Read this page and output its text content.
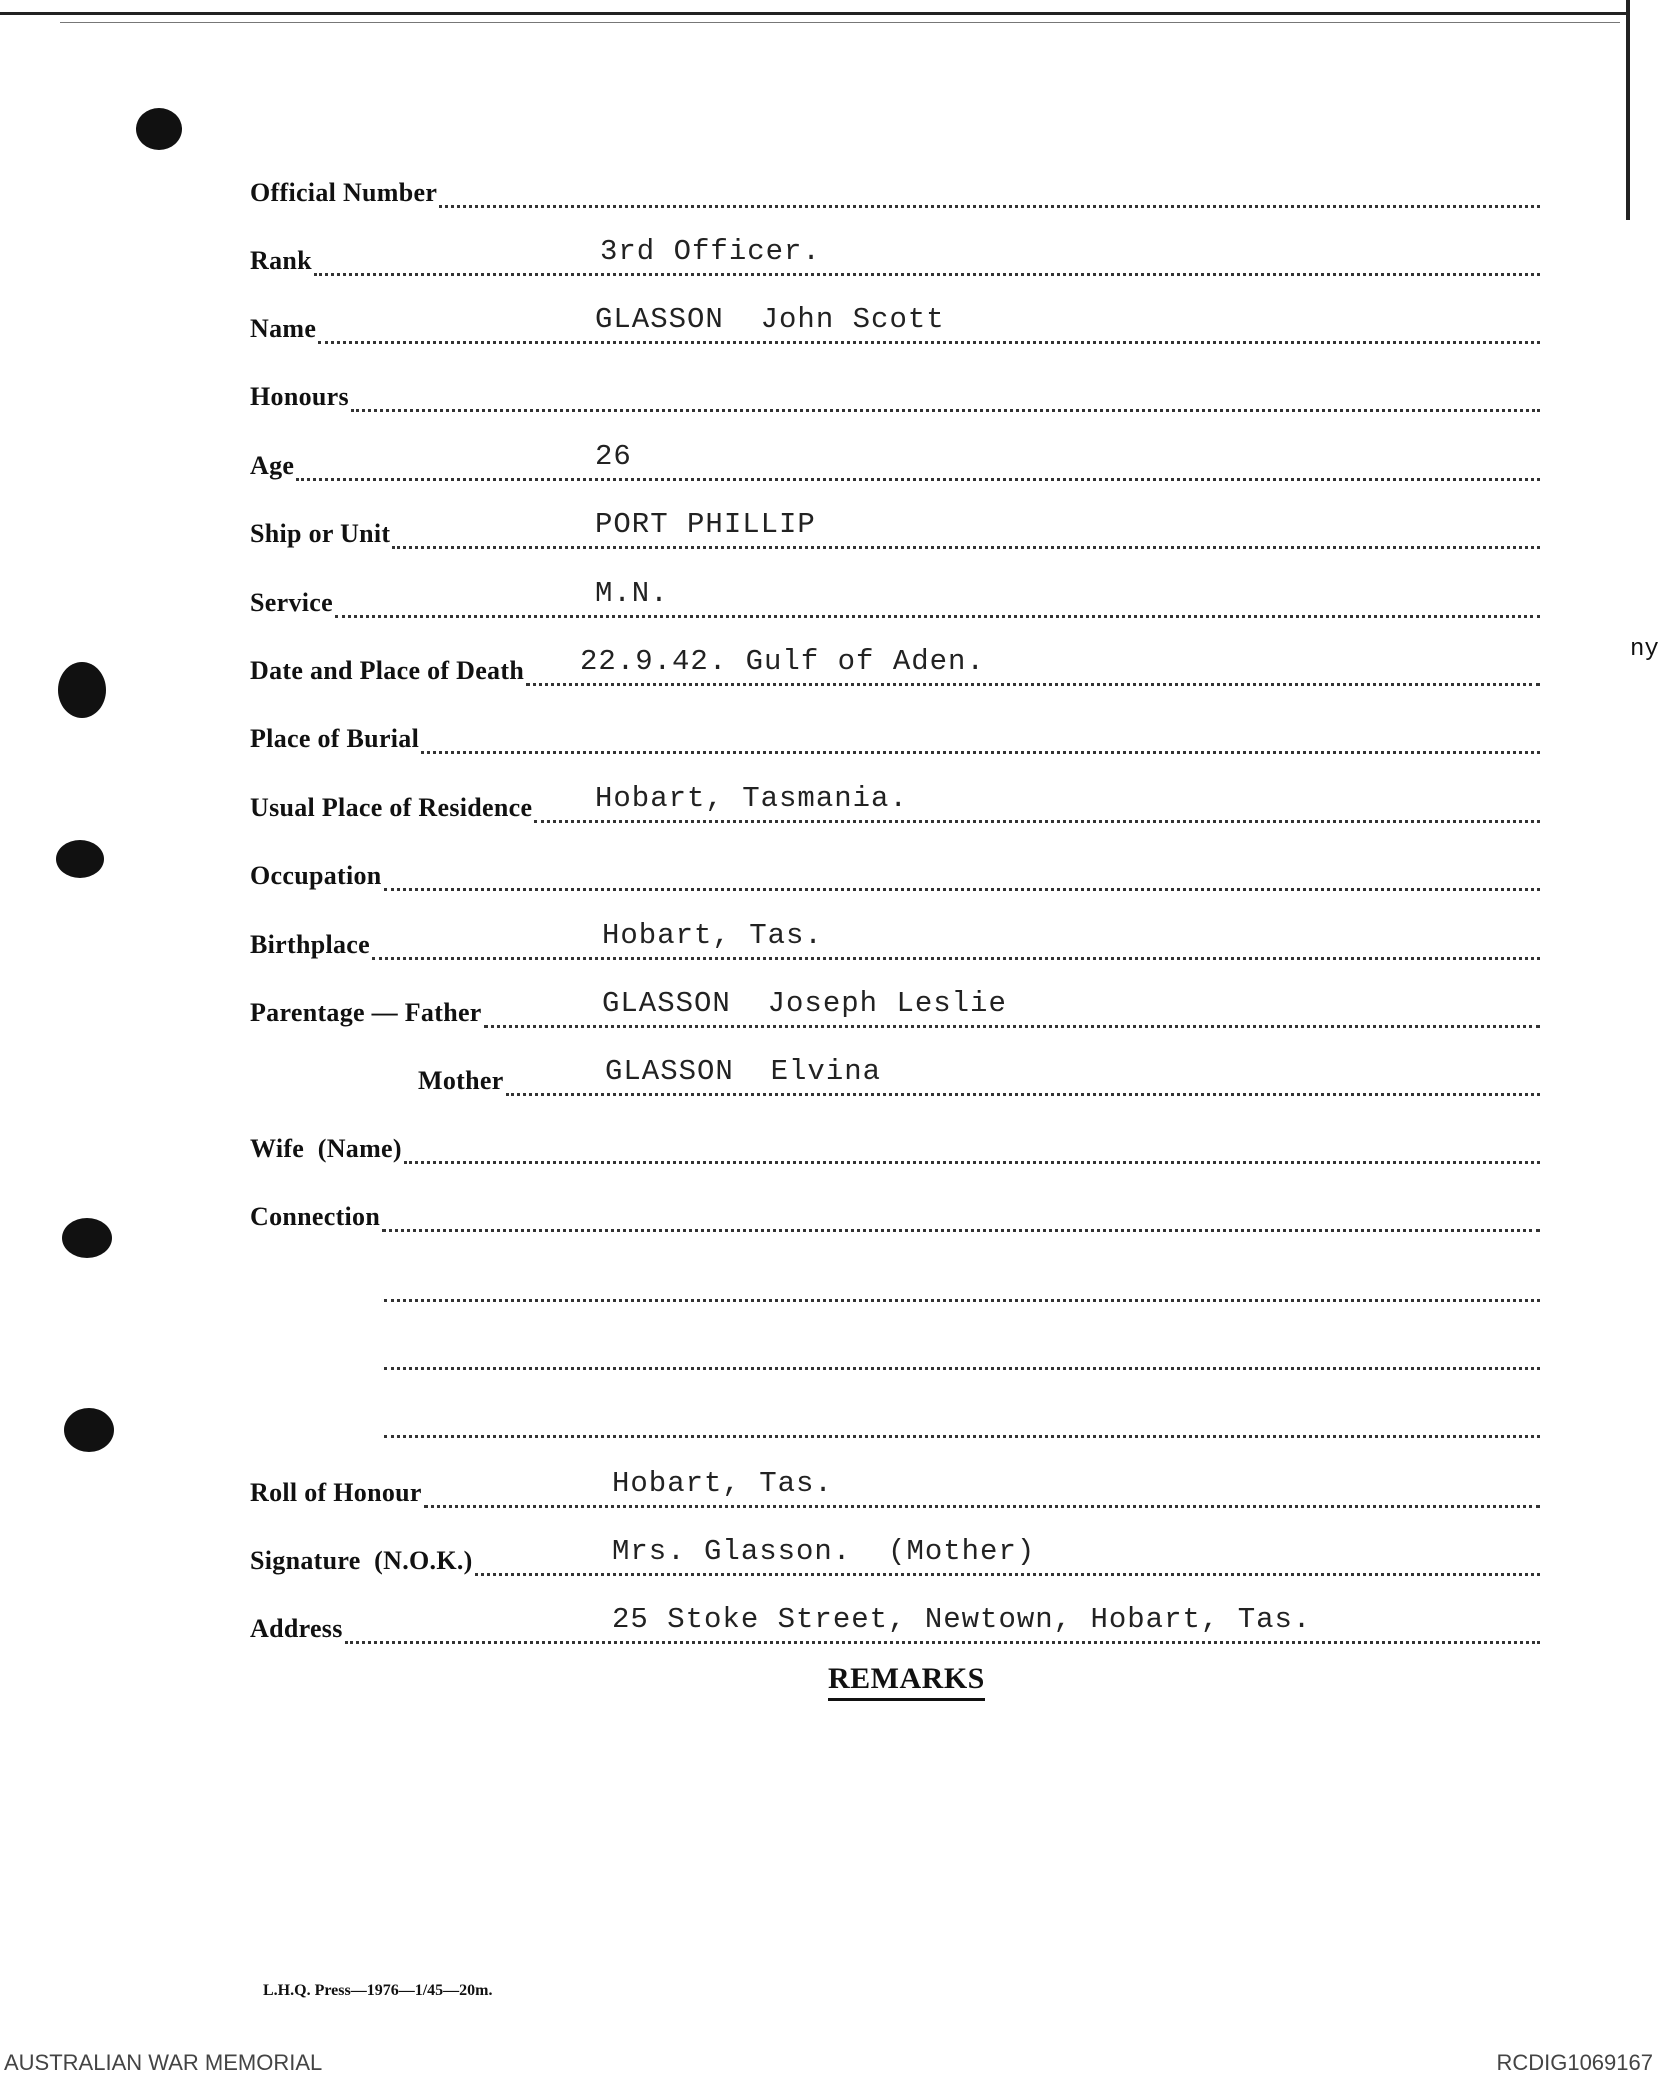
ny
Official Number
Rank	3rd Officer.
Name	GLASSON  John Scott
Honours
Age	26
Ship or Unit	PORT PHILLIP
Service	M.N.
Date and Place of Death 22.9.42. Gulf of Aden.
Place of Burial
Usual Place of Residence Hobart, Tasmania.
Occupation
Birthplace	Hobart, Tas.
Parentage — Father	GLASSON  Joseph Leslie
Mother	GLASSON  Elvina
Wife  (Name)
Connection
Roll of Honour	Hobart, Tas.
Signature  (N.O.K.)	Mrs. Glasson.  (Mother)
Address	25 Stoke Street, Newtown, Hobart, Tas.
REMARKS
L.H.Q. Press—1976—1/45—20m.
AUSTRALIAN WAR MEMORIAL	RCDIG1069167
